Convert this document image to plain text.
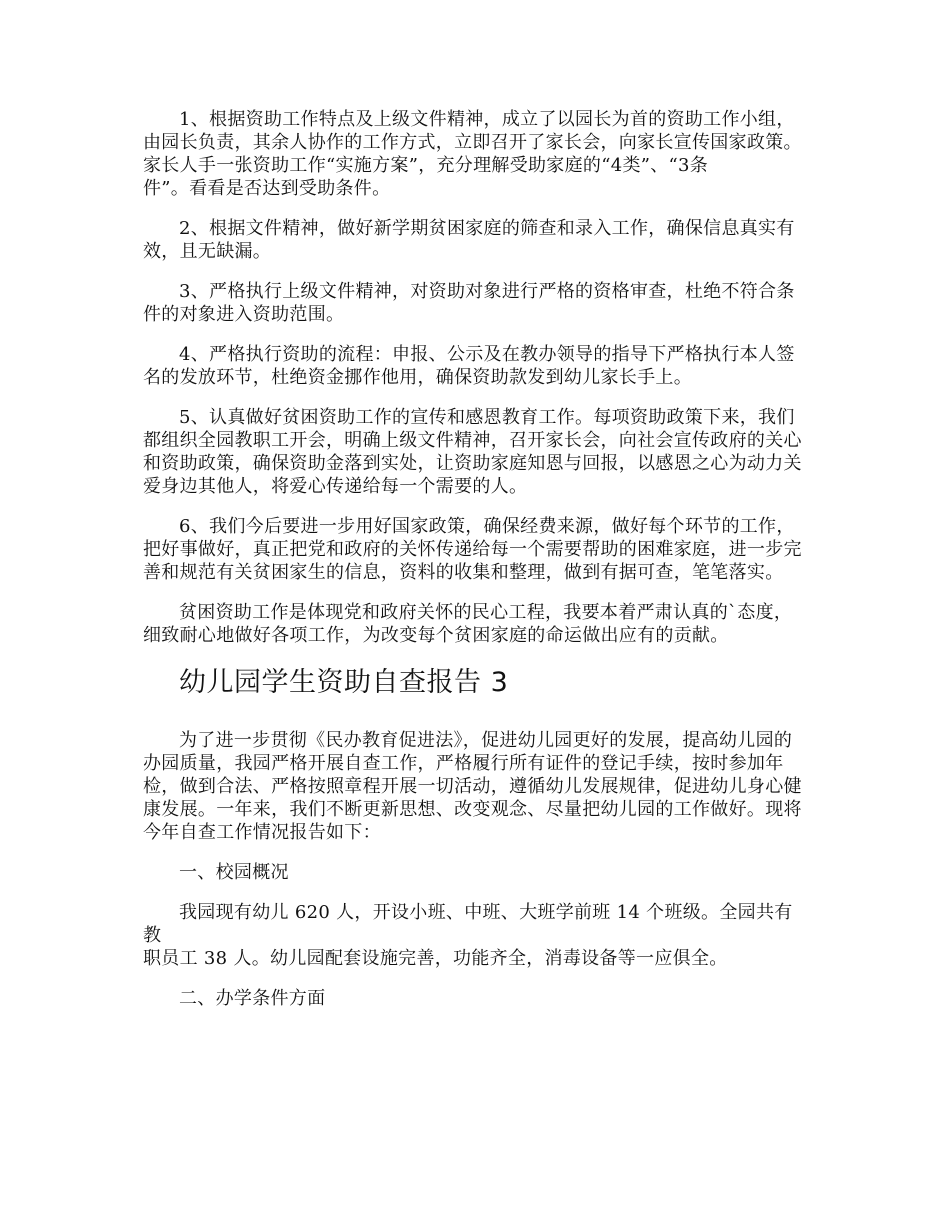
1、根据资助工作特点及上级文件精神，成立了以园长为首的资助工作小组，
由园长负责，其余人协作的工作方式，立即召开了家长会，向家长宣传国家政策。
家长人手一张资助工作“实施方案”，充分理解受助家庭的“4类”、“3条
件”。看看是否达到受助条件。

2、根据文件精神，做好新学期贫困家庭的筛查和录入工作，确保信息真实有
效，且无缺漏。

3、严格执行上级文件精神，对资助对象进行严格的资格审查，杜绝不符合条
件的对象进入资助范围。

4、严格执行资助的流程：申报、公示及在教办领导的指导下严格执行本人签
名的发放环节，杜绝资金挪作他用，确保资助款发到幼儿家长手上。

5、认真做好贫困资助工作的宣传和感恩教育工作。每项资助政策下来，我们
都组织全园教职工开会，明确上级文件精神，召开家长会，向社会宣传政府的关心
和资助政策，确保资助金落到实处，让资助家庭知恩与回报，以感恩之心为动力关
爱身边其他人，将爱心传递给每一个需要的人。

6、我们今后要进一步用好国家政策，确保经费来源，做好每个环节的工作，
把好事做好，真正把党和政府的关怀传递给每一个需要帮助的困难家庭，进一步完
善和规范有关贫困家生的信息，资料的收集和整理，做到有据可查，笔笔落实。

贫困资助工作是体现党和政府关怀的民心工程，我要本着严肃认真的`态度，
细致耐心地做好各项工作，为改变每个贫困家庭的命运做出应有的贡献。

幼儿园学生资助自查报告 3

为了进一步贯彻《民办教育促进法》，促进幼儿园更好的发展，提高幼儿园的
办园质量，我园严格开展自查工作，严格履行所有证件的登记手续，按时参加年
检，做到合法、严格按照章程开展一切活动，遵循幼儿发展规律，促进幼儿身心健
康发展。一年来，我们不断更新思想、改变观念、尽量把幼儿园的工作做好。现将
今年自查工作情况报告如下：

一、校园概况

我园现有幼儿 620 人，开设小班、中班、大班学前班 14 个班级。全园共有教
职员工 38 人。幼儿园配套设施完善，功能齐全，消毒设备等一应俱全。

二、办学条件方面
